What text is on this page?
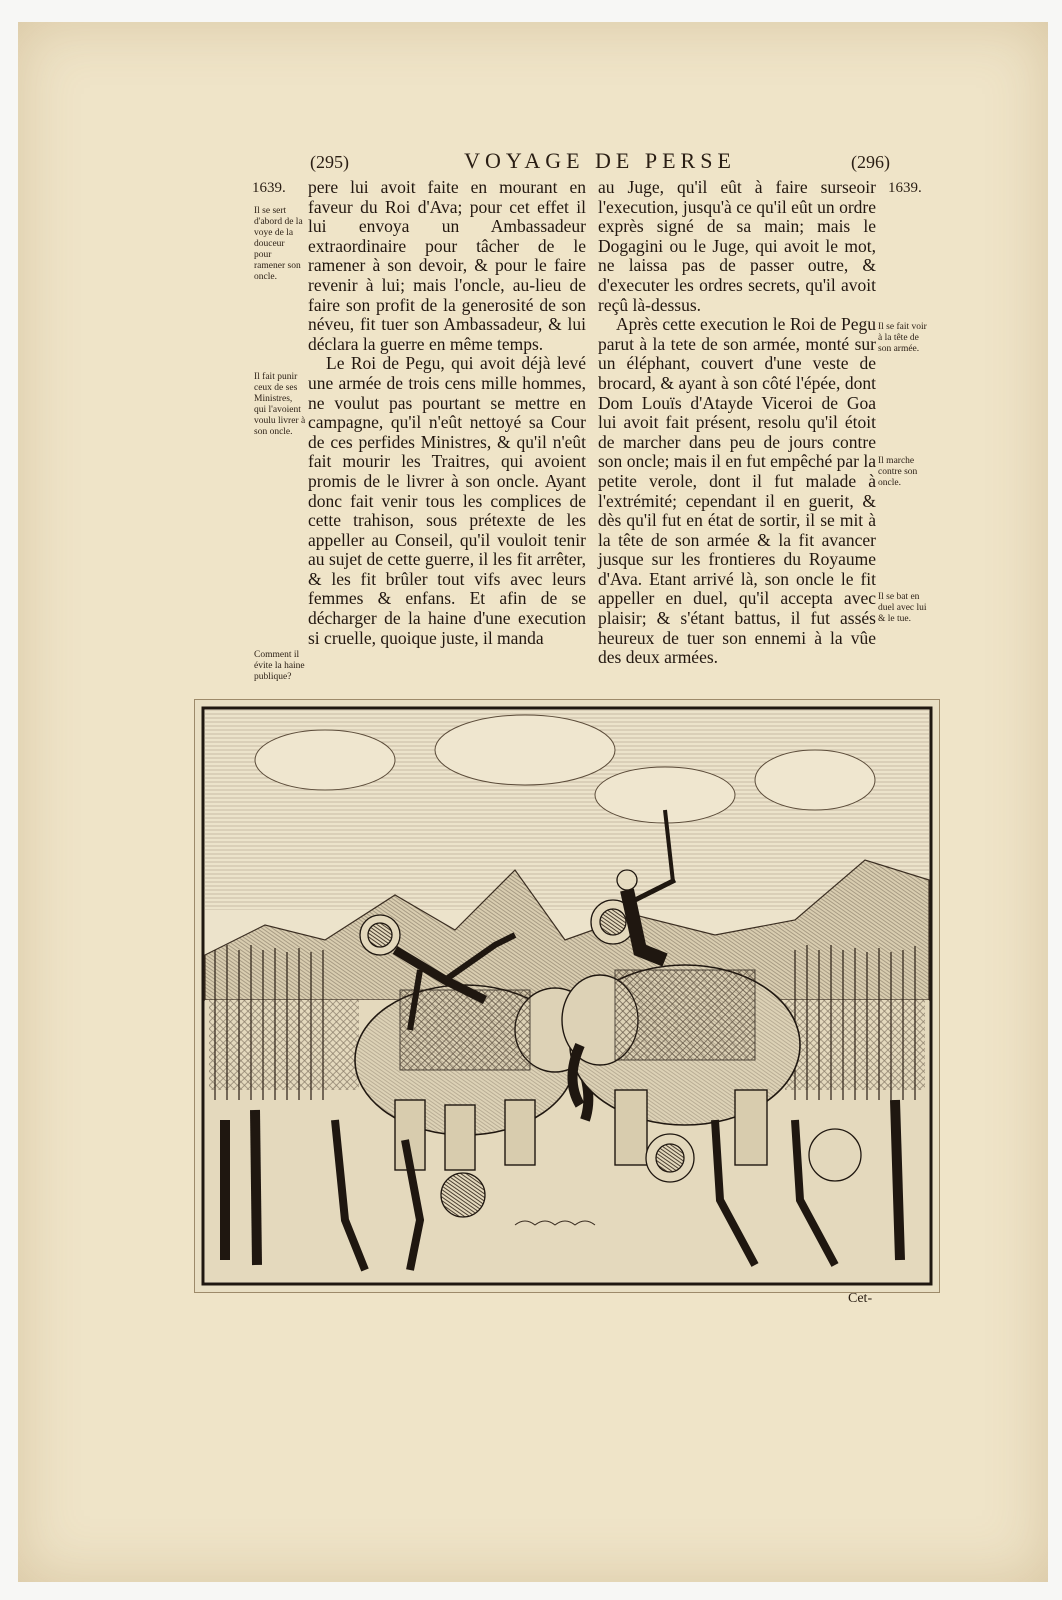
(295)	VOYAGE DE PERSE	(296)
1639.	1639.

pere lui avoit faite en mourant en faveur du Roi d'Ava; pour cet effet il lui envoya un Ambassadeur extraordinaire pour tâcher de le ramener à son devoir, & pour le faire revenir à lui; mais l'oncle, au-lieu de faire son profit de la generosité de son néveu, fit tuer son Ambassadeur, & lui déclara la guerre en même temps.

Le Roi de Pegu, qui avoit déjà levé une armée de trois cens mille hommes, ne voulut pas pourtant se mettre en campagne, qu'il n'eût nettoyé sa Cour de ces perfides Ministres, & qu'il n'eût fait mourir les Traitres, qui avoient promis de le livrer à son oncle. Ayant donc fait venir tous les complices de cette trahison, sous prétexte de les appeller au Conseil, qu'il vouloit tenir au sujet de cette guerre, il les fit arrêter, & les fit brûler tout vifs avec leurs femmes & enfans. Et afin de se décharger de la haine d'une execution si cruelle, quoique juste, il manda

au Juge, qu'il eût à faire surseoir l'execution, jusqu'à ce qu'il eût un ordre exprès signé de sa main; mais le Dogagini ou le Juge, qui avoit le mot, ne laissa pas de passer outre, & d'executer les ordres secrets, qu'il avoit reçû là-dessus.

Après cette execution le Roi de Pegu parut à la tete de son armée, monté sur un éléphant, couvert d'une veste de brocard, & ayant à son côté l'épée, dont Dom Louïs d'Atayde Viceroi de Goa lui avoit fait présent, resolu qu'il étoit de marcher dans peu de jours contre son oncle; mais il en fut empêché par la petite verole, dont il fut malade à l'extrémité; cependant il en guerit, & dès qu'il fut en état de sortir, il se mit à la tête de son armée & la fit avancer jusque sur les frontieres du Royaume d'Ava. Etant arrivé là, son oncle le fit appeller en duel, qu'il accepta avec plaisir; & s'étant battus, il fut assés heureux de tuer son ennemi à la vûe des deux armées.

Il se sert d'abord de la voye de la douceur pour ramener son oncle.
Il fait punir ceux de ses Ministres, qui l'avoient voulu livrer à son oncle.
Comment il évite la haine publique?
Il se fait voir à la tête de son armée.
Il marche contre son oncle.
Il se bat en duel avec lui & le tue.
Cet-
